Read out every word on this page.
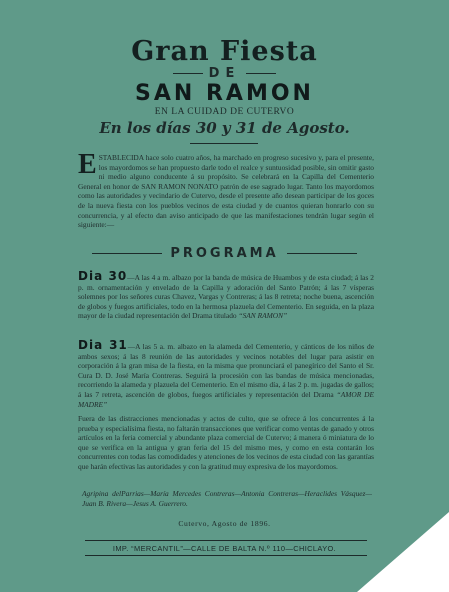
Gran Fiesta
DE
SAN RAMON
EN LA CUIDAD DE CUTERVO
En los días 30 y 31 de Agosto.
ESTABLECIDA hace solo cuatro años, ha marchado en progreso sucesivo y, para el presente, los mayordomos se han propuesto darle todo el realce y suntuosidad posible, sin omitir gasto ni medio alguno conducente á su propósito. Se celebrará en la Capilla del Cementerio General en honor de SAN RAMON NONATO patrón de ese sagrado lugar. Tanto los mayordomos como las autoridades y vecindario de Cutervo, desde el presente año desean participar de los goces de la nueva fiesta con los pueblos vecinos de esta ciudad y de cuantos quieran honrarlo con su concurrencia, y al efecto dan aviso anticipado de que las manifestaciones tendrán lugar según el siguiente:—
PROGRAMA
Dia 30—A las 4 a m. albazo por la banda de música de Huambos y de esta ciudad; á las 2 p. m. ornamentación y envelado de la Capilla y adoración del Santo Patrón; á las 7 vísperas solemnes por los señores curas Chavez, Vargas y Contreras; á las 8 retreta; noche buena, ascención de globos y fuegos artificiales, todo en la hermosa plazuela del Cementerio. En seguida, en la plaza mayor de la ciudad representación del Drama titulado “SAN RAMON”
Dia 31—A las 5 a. m. albazo en la alameda del Cementerio, y cánticos de los niños de ambos sexos; á las 8 reunión de las autoridades y vecinos notables del lugar para asistir en corporación á la gran misa de la fiesta, en la misma que pronunciará el panegírico del Santo el Sr. Cura D. D. José María Contreras. Seguirá la procesión con las bandas de música mencionadas, recorriendo la alameda y plazuela del Cementerio. En el mismo día, á las 2 p. m. jugadas de gallos; á las 7 retreta, ascención de globos, fuegos artificiales y representación del Drama “AMOR DE MADRE”
Fuera de las distracciones mencionadas y actos de culto, que se ofrece á los concurrentes á la prueba y especialísima fiesta, no faltarán transacciones que verificar como ventas de ganado y otros artículos en la feria comercial y abundante plaza comercial de Cutervo; á manera ó miniatura de lo que se verifica en la antigua y gran feria del 15 del mismo mes, y como en esta contarán los concurrentes con todas las comodidades y atenciones de los vecinos de esta ciudad con las garantías que harán efectivas las autoridades y con la gratitud muy expresiva de los mayordomos.
Agripina delParrias—María Mercedes Contreras—Antonia Contreras—Heraclides Vásquez—Juan B. Rivera—Jesus A. Guerrero.
Cutervo, Agosto de 1896.
IMP. “MERCANTIL”—CALLE DE BALTA N.º 110—CHICLAYO.
